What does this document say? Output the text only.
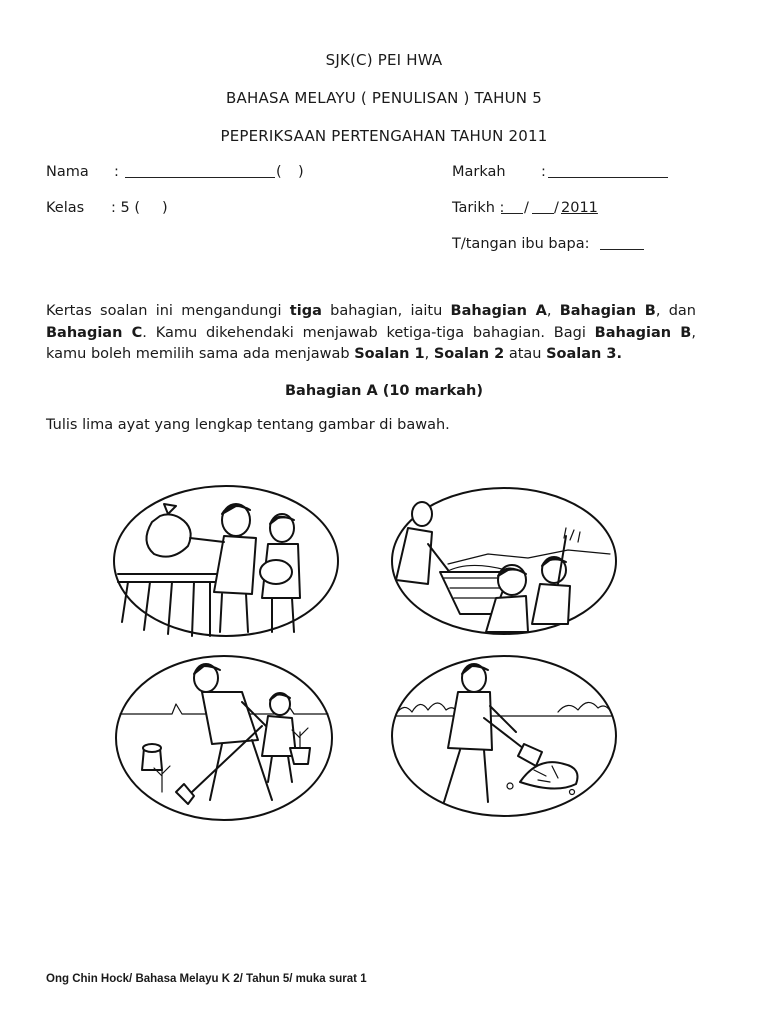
SJK(C) PEI HWA
BAHASA MELAYU ( PENULISAN ) TAHUN 5
PEPERIKSAAN PERTENGAHAN TAHUN 2011
Nama :	( )	Markah :
Kelas : 5 ( )	Tarikh : / / 2011
T/tangan ibu bapa:
Kertas soalan ini mengandungi tiga bahagian, iaitu Bahagian A, Bahagian B, dan Bahagian C. Kamu dikehendaki menjawab ketiga-tiga bahagian. Bagi Bahagian B, kamu boleh memilih sama ada menjawab Soalan 1, Soalan 2 atau Soalan 3.
Bahagian A (10 markah)
Tulis lima ayat yang lengkap tentang gambar di bawah.
Ong Chin Hock/ Bahasa Melayu K 2/ Tahun 5/ muka surat 1
